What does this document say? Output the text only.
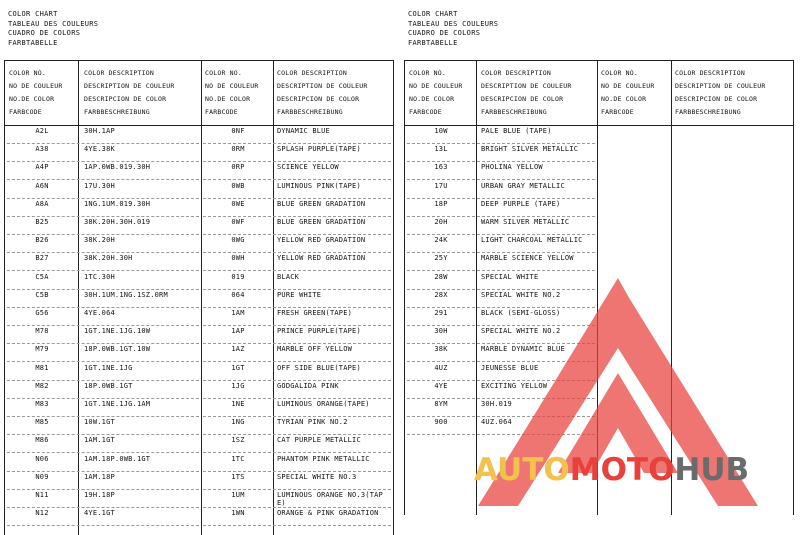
COLOR CHART
TABLEAU DES COULEURS
CUADRO DE COLORS
FARBTABELLE
COLOR CHART
TABLEAU DES COULEURS
CUADRO DE COLORS
FARBTABELLE
COLOR NO.
NO DE COULEUR
NO.DE COLOR
FARBCODE
COLOR DESCRIPTION
DESCRIPTION DE COULEUR
DESCRIPCION DE COLOR
FARBBESCHREIBUNG
COLOR NO.
NO DE COULEUR
NO.DE COLOR
FARBCODE
COLOR DESCRIPTION
DESCRIPTION DE COULEUR
DESCRIPCION DE COLOR
FARBBESCHREIBUNG
A2L	30H.1AP	0NF	DYNAMIC BLUE
A38	4YE.38K	0RM	SPLASH PURPLE(TAPE)
A4P	1AP.0WB.019.30H	0RP	SCIENCE YELLOW
A6N	17U.30H	0WB	LUMINOUS PINK(TAPE)
A8A	1NG.1UM.019.30H	0WE	BLUE GREEN GRADATION
B25	38K.20H.30H.019	0WF	BLUE GREEN GRADATION
B26	38K.20H	0WG	YELLOW RED GRADATION
B27	38K.20H.30H	0WH	YELLOW RED GRADATION
C5A	1TC.30H	019	BLACK
C5B	30H.1UM.1NG.1SZ.0RM	064	PURE WHITE
G56	4YE.064	1AM	FRESH GREEN(TAPE)
M78	1GT.1NE.1JG.10W	1AP	PRINCE PURPLE(TAPE)
M79	18P.0WB.1GT.10W	1AZ	MARBLE OFF YELLOW
M81	1GT.1NE.1JG	1GT	OFF SIDE BLUE(TAPE)
M82	18P.0WB.1GT	1JG	GODGALIDA PINK
M83	1GT.1NE.1JG.1AM	1NE	LUMINOUS ORANGE(TAPE)
M85	10W.1GT	1NG	TYRIAN PINK NO.2
M86	1AM.1GT	1SZ	CAT PURPLE METALLIC
N06	1AM.18P.0WB.1GT	1TC	PHANTOM PINK METALLIC
N09	1AM.18P	1TS	SPECIAL WHITE NO.3
N11	19H.18P	1UM	LUMINOUS ORANGE NO.3(TAPE)
N12	4YE.1GT	1WN	ORANGE & PINK GRADATION
COLOR NO.
NO DE COULEUR
NO.DE COLOR
FARBCODE
COLOR DESCRIPTION
DESCRIPTION DE COULEUR
DESCRIPCION DE COLOR
FARBBESCHREIBUNG
COLOR NO.
NO DE COULEUR
NO.DE COLOR
FARBCODE
COLOR DESCRIPTION
DESCRIPTION DE COULEUR
DESCRIPCION DE COLOR
FARBBESCHREIBUNG
10W	PALE BLUE (TAPE)
13L	BRIGHT SILVER METALLIC
163	PHOLINA YELLOW
17U	URBAN GRAY METALLIC
18P	DEEP PURPLE (TAPE)
20H	WARM SILVER METALLIC
24K	LIGHT CHARCOAL METALLIC
25Y	MARBLE SCIENCE YELLOW
28W	SPECIAL WHITE
28X	SPECIAL WHITE NO.2
291	BLACK (SEMI-GLOSS)
30H	SPECIAL WHITE NO.2
38K	MARBLE DYNAMIC BLUE
4UZ	JEUNESSE BLUE
4YE	EXCITING YELLOW
8YM	30H.019
900	4UZ.064
AUTOMOTOHUB
